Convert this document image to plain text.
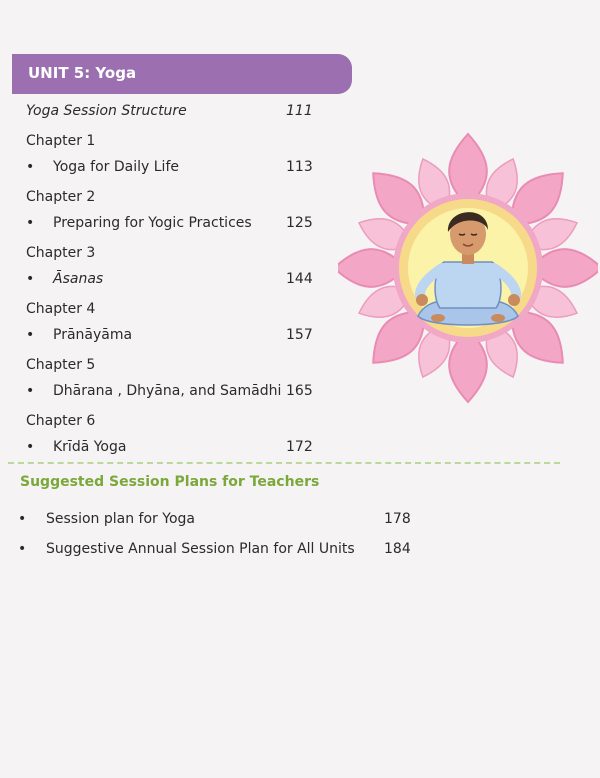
UNIT 5: Yoga
Yoga Session Structure	111
Chapter 1
• Yoga for Daily Life	113
Chapter 2
• Preparing for Yogic Practices 125
Chapter 3
• Āsanas	144
Chapter 4
• Prānāyāma	157
Chapter 5
• Dhārana , Dhyāna, and Samādhi 165
Chapter 6
• Krīdā Yoga	172
Suggested Session Plans for Teachers
• Session plan for Yoga	178
• Suggestive Annual Session Plan for All Units 184
